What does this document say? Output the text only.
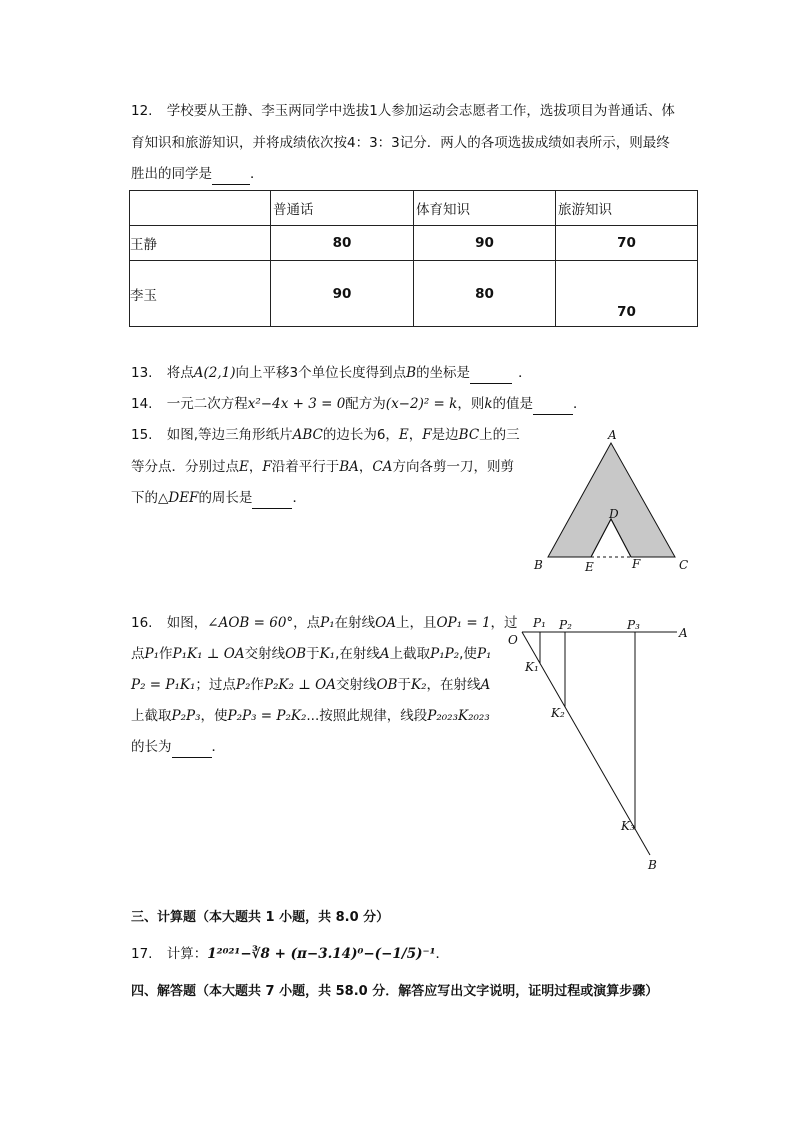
12. 学校要从王静、李玉两同学中选拔1人参加运动会志愿者工作，选拔项目为普通话、体
育知识和旅游知识，并将成绩依次按4：3：3记分．两人的各项选拔成绩如表所示，则最终
胜出的同学是	．
	普通话	体育知识	旅游知识
王静	80	90	70
李玉	90	80	70
13. 将点A(2,1)向上平移3个单位长度得到点B的坐标是	．
14. 一元二次方程x²−4x + 3 = 0配方为(x−2)² = k，则k的值是	．
15. 如图,等边三角形纸片ABC的边长为6，E，F是边BC上的三
等分点．分别过点E，F沿着平行于BA，CA方向各剪一刀，则剪
下的△DEF的周长是	．
A
B	C
D
E	F
16. 如图，∠AOB = 60°，点P₁在射线OA上，且OP₁ = 1，过
点P₁作P₁K₁ ⊥ OA交射线OB于K₁,在射线A上截取P₁P₂,使P₁
P₂ = P₁K₁；过点P₂作P₂K₂ ⊥ OA交射线OB于K₂，在射线A
上截取P₂P₃，使P₂P₃ = P₂K₂...按照此规律，线段P₂₀₂₃K₂₀₂₃
的长为	．
O	A
B
P₁ P₂	P₃
K₁
K₂
K₃
三、计算题（本大题共 1 小题，共 8.0 分）
17. 计算：1²⁰²¹−∛8 + (π−3.14)⁰−(−1/5)⁻¹．
四、解答题（本大题共 7 小题，共 58.0 分．解答应写出文字说明，证明过程或演算步骤）
